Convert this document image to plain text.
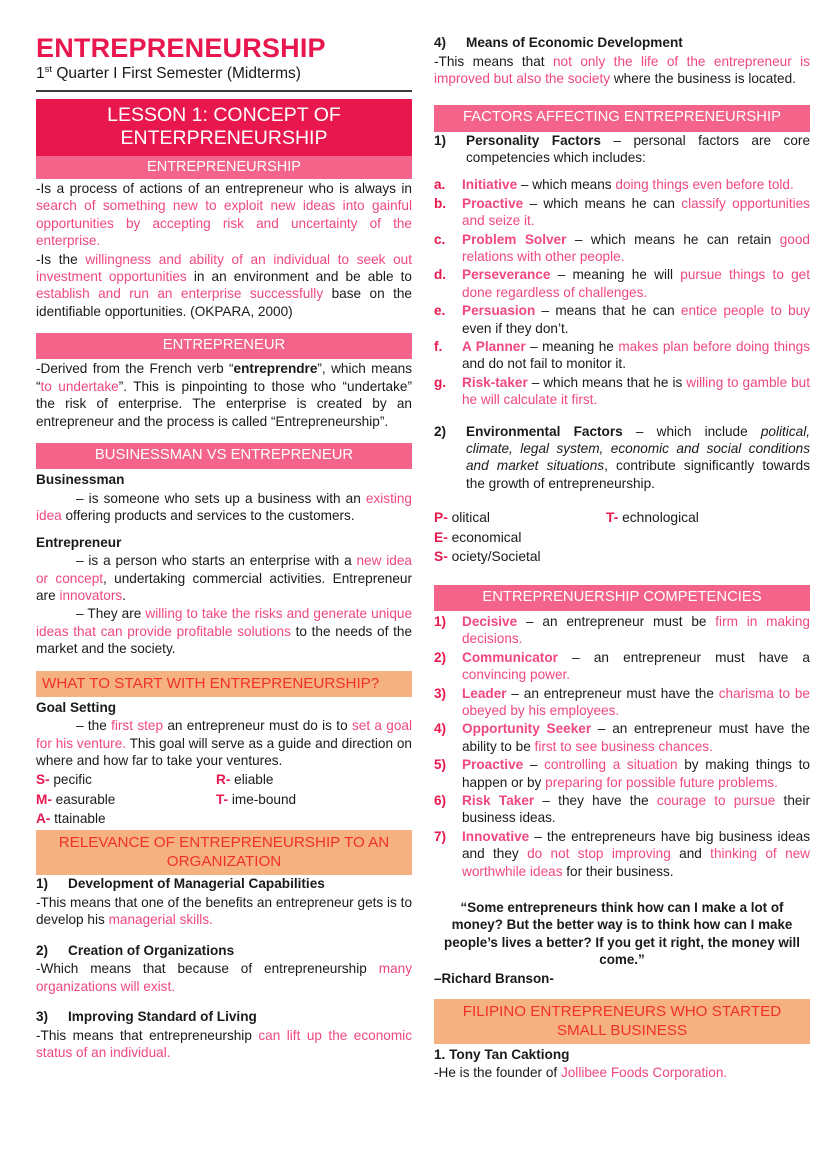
ENTREPRENEURSHIP
1st Quarter I First Semester (Midterms)
LESSON 1: CONCEPT OF ENTERPRENEURSHIP
ENTREPRENEURSHIP
-Is a process of actions of an entrepreneur who is always in search of something new to exploit new ideas into gainful opportunities by accepting risk and uncertainty of the enterprise.
-Is the willingness and ability of an individual to seek out investment opportunities in an environment and be able to establish and run an enterprise successfully base on the identifiable opportunities. (OKPARA, 2000)
ENTREPRENEUR
-Derived from the French verb “entreprendre”, which means “to undertake”. This is pinpointing to those who “undertake” the risk of enterprise. The enterprise is created by an entrepreneur and the process is called “Entrepreneurship”.
BUSINESSMAN VS ENTREPRENEUR
Businessman
– is someone who sets up a business with an existing idea offering products and services to the customers.
Entrepreneur
– is a person who starts an enterprise with a new idea or concept, undertaking commercial activities. Entrepreneur are innovators.
– They are willing to take the risks and generate unique ideas that can provide profitable solutions to the needs of the market and the society.
WHAT TO START WITH ENTREPRENEURSHIP?
Goal Setting
– the first step an entrepreneur must do is to set a goal for his venture. This goal will serve as a guide and direction on where and how far to take your ventures.
S- pecific	R- eliable
M- easurable	T- ime-bound
A- ttainable
RELEVANCE OF ENTREPRENEURSHIP TO AN ORGANIZATION
1)	Development of Managerial Capabilities
-This means that one of the benefits an entrepreneur gets is to develop his managerial skills.
2)	Creation of Organizations
-Which means that because of entrepreneurship many organizations will exist.
3)	Improving Standard of Living
-This means that entrepreneurship can lift up the economic status of an individual.
4)	Means of Economic Development
-This means that not only the life of the entrepreneur is improved but also the society where the business is located.
FACTORS AFFECTING ENTREPRENEURSHIP
1)	Personality Factors – personal factors are core competencies which includes:
a.	Initiative – which means doing things even before told.
b.	Proactive – which means he can classify opportunities and seize it.
c.	Problem Solver – which means he can retain good relations with other people.
d.	Perseverance – meaning he will pursue things to get done regardless of challenges.
e.	Persuasion – means that he can entice people to buy even if they don’t.
f.	A Planner – meaning he makes plan before doing things and do not fail to monitor it.
g.	Risk-taker – which means that he is willing to gamble but he will calculate it first.
2)	Environmental Factors – which include political, climate, legal system, economic and social conditions and market situations, contribute significantly towards the growth of entrepreneurship.
P- olitical	T- echnological
E- economical
S- ociety/Societal
ENTREPRENUERSHIP COMPETENCIES
1)	Decisive – an entrepreneur must be firm in making decisions.
2)	Communicator – an entrepreneur must have a convincing power.
3)	Leader – an entrepreneur must have the charisma to be obeyed by his employees.
4)	Opportunity Seeker – an entrepreneur must have the ability to be first to see business chances.
5)	Proactive – controlling a situation by making things to happen or by preparing for possible future problems.
6)	Risk Taker – they have the courage to pursue their business ideas.
7)	Innovative – the entrepreneurs have big business ideas and they do not stop improving and thinking of new worthwhile ideas for their business.
“Some entrepreneurs think how can I make a lot of money? But the better way is to think how can I make people’s lives a better? If you get it right, the money will come.”
–Richard Branson-
FILIPINO ENTREPRENEURS WHO STARTED SMALL BUSINESS
1. Tony Tan Caktiong
-He is the founder of Jollibee Foods Corporation.
